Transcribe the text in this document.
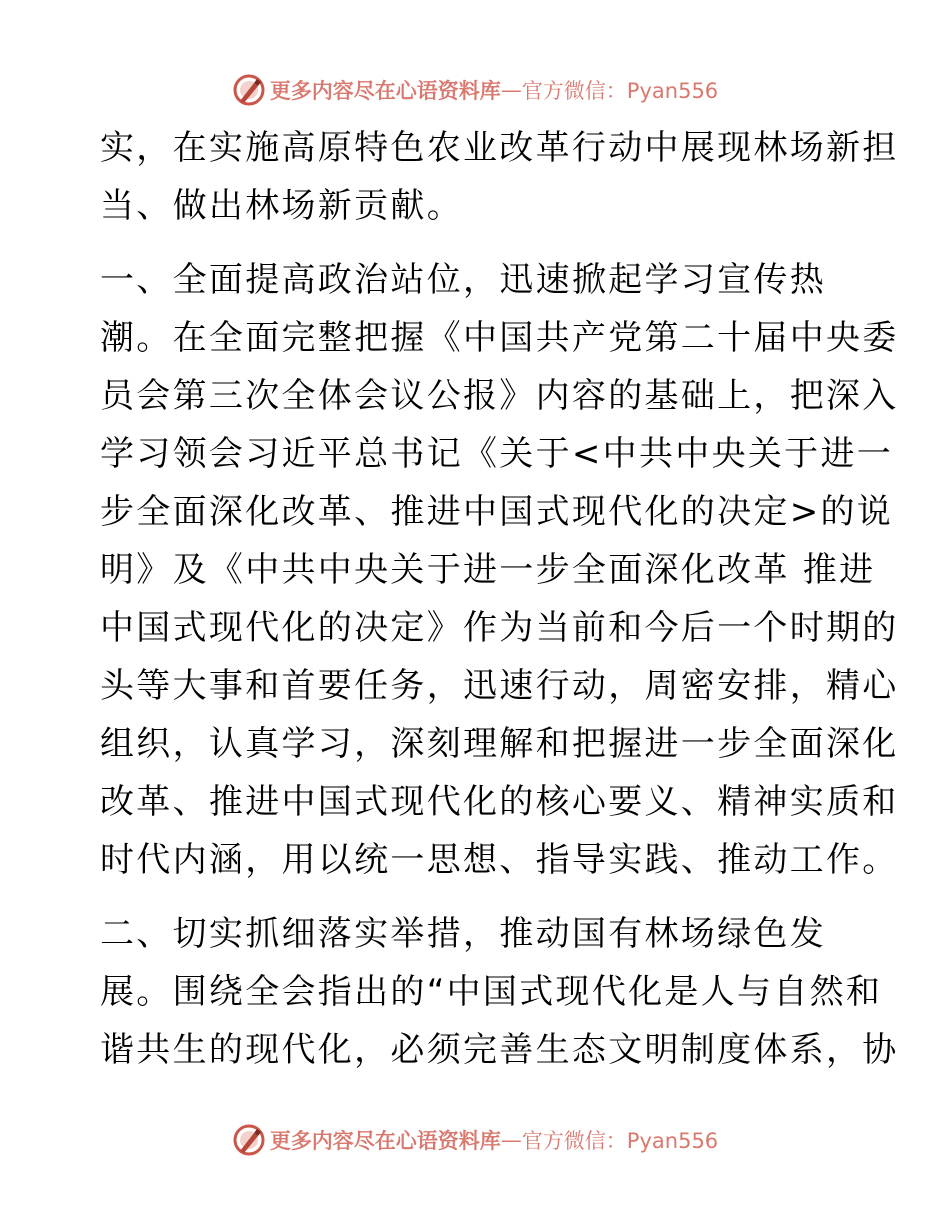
更多内容尽在心语资料库 — 官方微信：Pyan556
实，在实施高原特色农业改革行动中展现林场新担
当、做出林场新贡献。
一、全面提高政治站位，迅速掀起学习宣传热
潮。在全面完整把握《中国共产党第二十届中央委
员会第三次全体会议公报》内容的基础上，把深入
学习领会习近平总书记《关于<中共中央关于进一
步全面深化改革、推进中国式现代化的决定>的说
明》及《中共中央关于进一步全面深化改革 推进
中国式现代化的决定》作为当前和今后一个时期的
头等大事和首要任务，迅速行动，周密安排，精心
组织，认真学习，深刻理解和把握进一步全面深化
改革、推进中国式现代化的核心要义、精神实质和
时代内涵，用以统一思想、指导实践、推动工作。
二、切实抓细落实举措，推动国有林场绿色发
展。围绕全会指出的“中国式现代化是人与自然和
谐共生的现代化，必须完善生态文明制度体系，协
更多内容尽在心语资料库 — 官方微信：Pyan556
